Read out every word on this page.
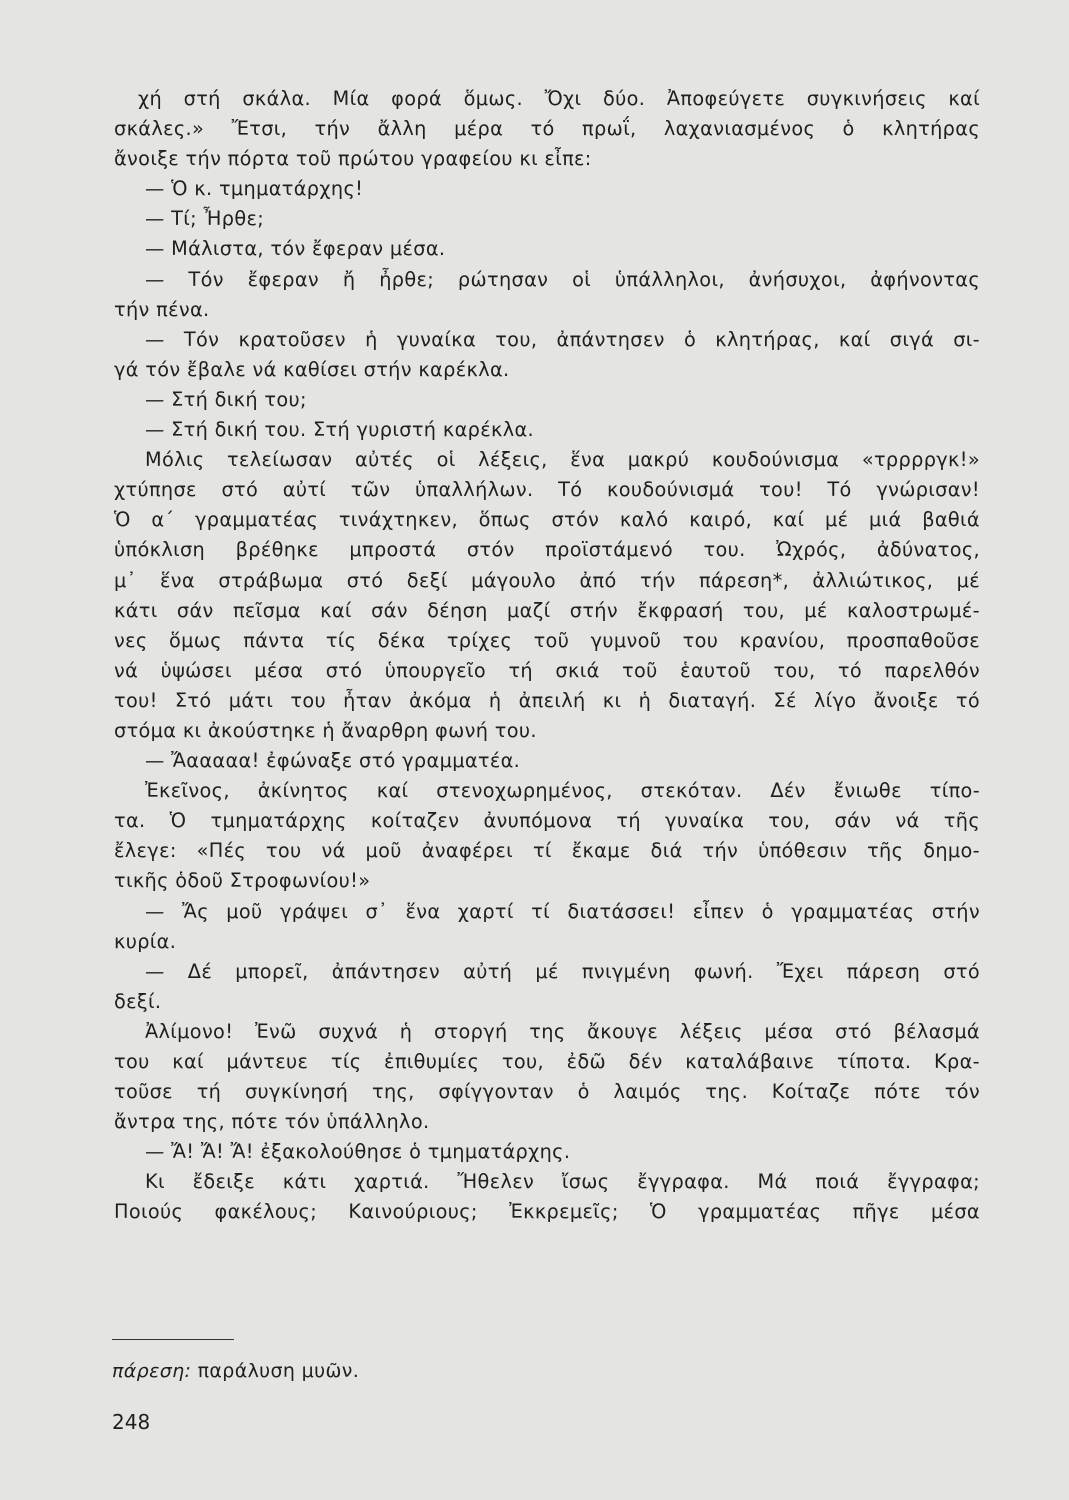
χή στή σκάλα. Μία φορά ὅμως. Ὄχι δύο. Ἀποφεύγετε συγκινήσεις καί
σκάλες.» Ἔτσι, τήν ἄλλη μέρα τό πρωΐ, λαχανιασμένος ὁ κλητήρας
ἄνοιξε τήν πόρτα τοῦ πρώτου γραφείου κι εἶπε:
— Ὁ κ. τμηματάρχης!
— Τί; Ἦρθε;
— Μάλιστα, τόν ἔφεραν μέσα.
— Τόν ἔφεραν ἤ ἦρθε; ρώτησαν οἱ ὑπάλληλοι, ἀνήσυχοι, ἀφήνοντας
τήν πένα.
— Τόν κρατοῦσεν ἡ γυναίκα του, ἀπάντησεν ὁ κλητήρας, καί σιγά σι-
γά τόν ἔβαλε νά καθίσει στήν καρέκλα.
— Στή δική του;
— Στή δική του. Στή γυριστή καρέκλα.
Μόλις τελείωσαν αὐτές οἱ λέξεις, ἕνα μακρύ κουδούνισμα «τρρρργκ!»
χτύπησε στό αὐτί τῶν ὑπαλλήλων. Τό κουδούνισμά του! Τό γνώρισαν!
Ὁ α΄ γραμματέας τινάχτηκεν, ὅπως στόν καλό καιρό, καί μέ μιά βαθιά
ὑπόκλιση βρέθηκε μπροστά στόν προϊστάμενό του. Ὠχρός, ἀδύνατος,
μ᾿ ἕνα στράβωμα στό δεξί μάγουλο ἀπό τήν πάρεση*, ἀλλιώτικος, μέ
κάτι σάν πεῖσμα καί σάν δέηση μαζί στήν ἔκφρασή του, μέ καλοστρωμέ-
νες ὅμως πάντα τίς δέκα τρίχες τοῦ γυμνοῦ του κρανίου, προσπαθοῦσε
νά ὑψώσει μέσα στό ὑπουργεῖο τή σκιά τοῦ ἑαυτοῦ του, τό παρελθόν
του! Στό μάτι του ἦταν ἀκόμα ἡ ἀπειλή κι ἡ διαταγή. Σέ λίγο ἄνοιξε τό
στόμα κι ἀκούστηκε ἡ ἄναρθρη φωνή του.
— Ἄααααα! ἐφώναξε στό γραμματέα.
Ἐκεῖνος, ἀκίνητος καί στενοχωρημένος, στεκόταν. Δέν ἔνιωθε τίπο-
τα. Ὁ τμηματάρχης κοίταζεν ἀνυπόμονα τή γυναίκα του, σάν νά τῆς
ἔλεγε: «Πές του νά μοῦ ἀναφέρει τί ἔκαμε διά τήν ὑπόθεσιν τῆς δημο-
τικῆς ὁδοῦ Στροφωνίου!»
— Ἄς μοῦ γράψει σ᾿ ἕνα χαρτί τί διατάσσει! εἶπεν ὁ γραμματέας στήν
κυρία.
— Δέ μπορεῖ, ἀπάντησεν αὐτή μέ πνιγμένη φωνή. Ἔχει πάρεση στό
δεξί.
Ἀλίμονο! Ἐνῶ συχνά ἡ στοργή της ἄκουγε λέξεις μέσα στό βέλασμά
του καί μάντευε τίς ἐπιθυμίες του, ἐδῶ δέν καταλάβαινε τίποτα. Κρα-
τοῦσε τή συγκίνησή της, σφίγγονταν ὁ λαιμός της. Κοίταζε πότε τόν
ἄντρα της, πότε τόν ὑπάλληλο.
— Ἄ! Ἄ! Ἄ! ἐξακολούθησε ὁ τμηματάρχης.
Κι ἔδειξε κάτι χαρτιά. Ἤθελεν ἴσως ἔγγραφα. Μά ποιά ἔγγραφα;
Ποιούς φακέλους; Καινούριους; Ἐκκρεμεῖς; Ὁ γραμματέας πῆγε μέσα
πάρεση: παράλυση μυῶν.
248
